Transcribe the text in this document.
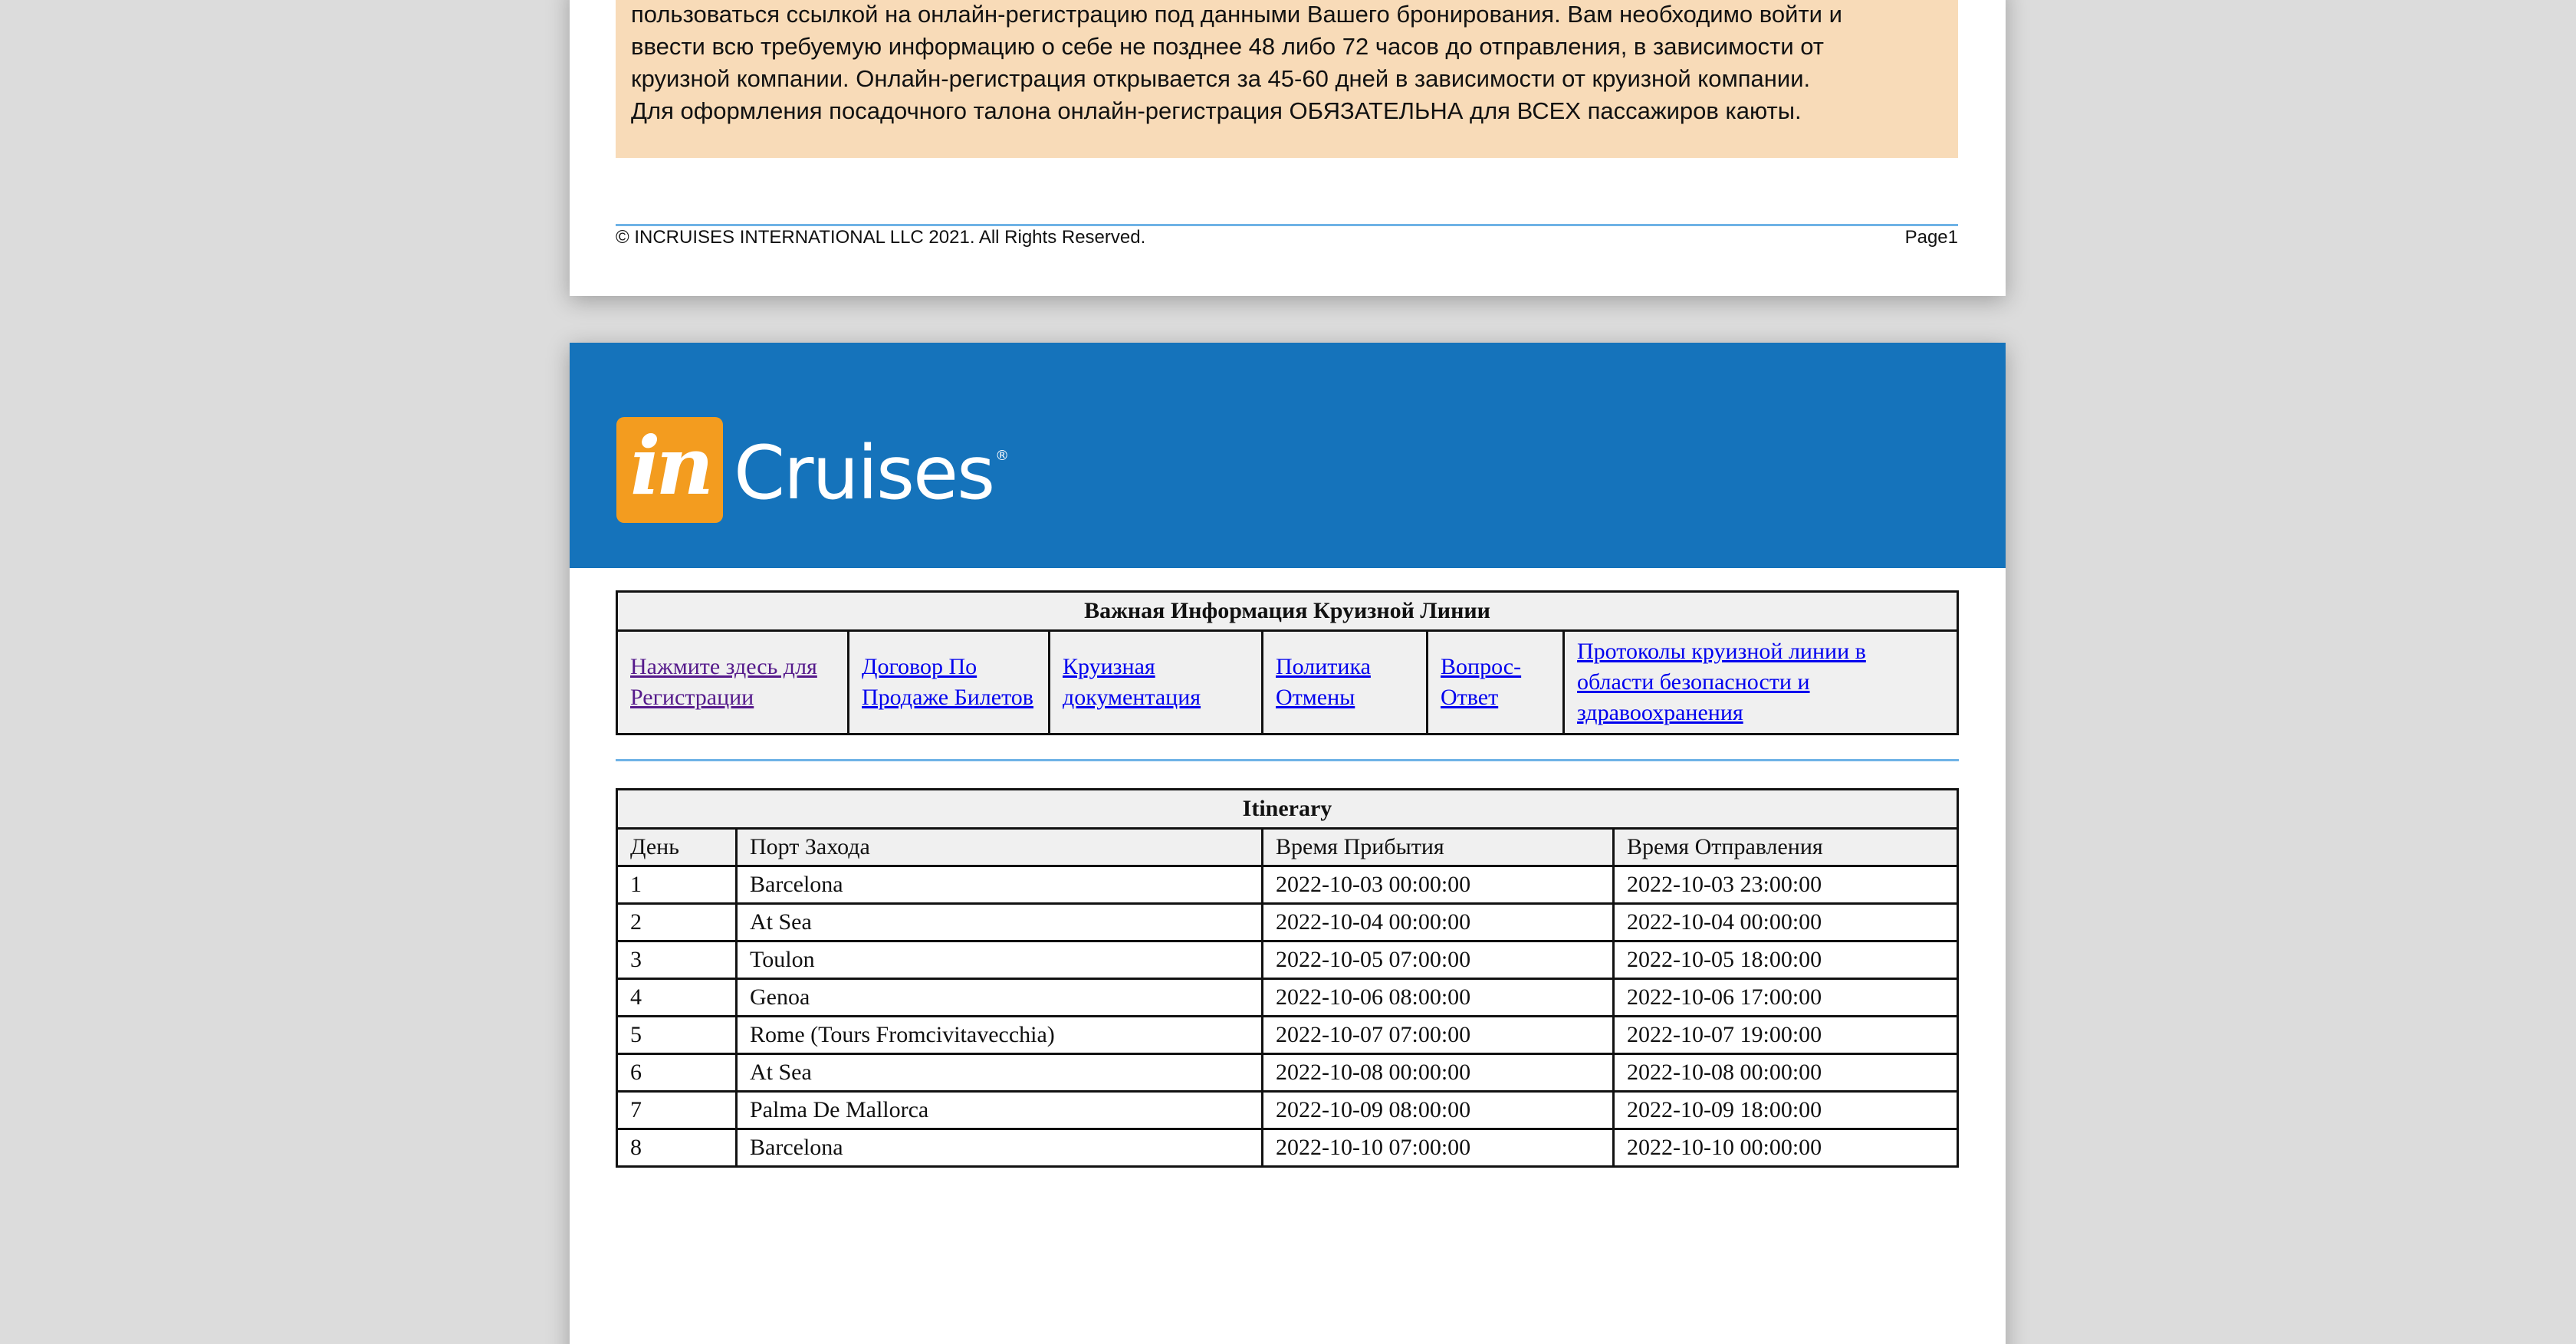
пользоваться ссылкой на онлайн-регистрацию под данными Вашего бронирования. Вам необходимо войти и

ввести всю требуемую информацию о себе не позднее 48 либо 72 часов до отправления, в зависимости от

круизной компании. Онлайн-регистрация открывается за 45-60 дней в зависимости от круизной компании.

Для оформления посадочного талона онлайн-регистрация ОБЯЗАТЕЛЬНА для ВСЕХ пассажиров каюты.

© INCRUISES INTERNATIONAL LLC 2021. All Rights Reserved.	Page1
in Cruises ®
Важная Информация Круизной Линии
Нажмите здесь для Регистрации	Договор По Продаже Билетов	Круизная документация	Политика Отмены	Вопрос-Ответ	Протоколы круизной линии в области безопасности и здравоохранения
Itinerary			
День	Порт Захода	Время Прибытия	Время Отправления
1	Barcelona	2022-10-03 00:00:00	2022-10-03 23:00:00
2	At Sea	2022-10-04 00:00:00	2022-10-04 00:00:00
3	Toulon	2022-10-05 07:00:00	2022-10-05 18:00:00
4	Genoa	2022-10-06 08:00:00	2022-10-06 17:00:00
5	Rome (Tours Fromcivitavecchia)	2022-10-07 07:00:00	2022-10-07 19:00:00
6	At Sea	2022-10-08 00:00:00	2022-10-08 00:00:00
7	Palma De Mallorca	2022-10-09 08:00:00	2022-10-09 18:00:00
8	Barcelona	2022-10-10 07:00:00	2022-10-10 00:00:00
